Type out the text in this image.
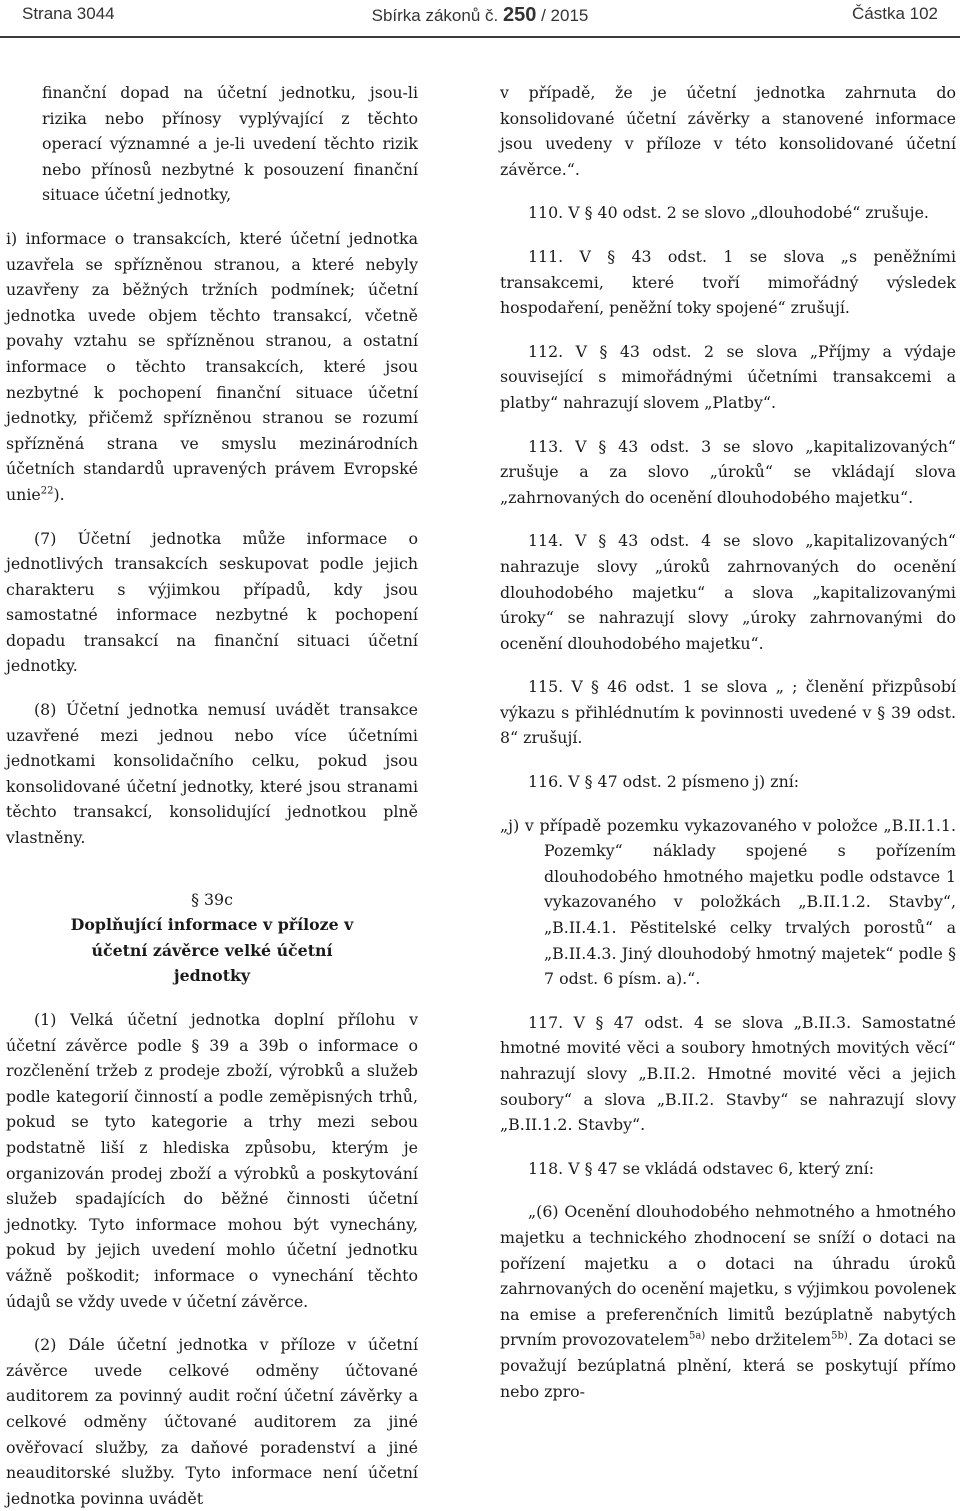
Strana 3044	Sbírka zákonů č. 250 / 2015	Částka 102

finanční dopad na účetní jednotku, jsou-li rizika nebo přínosy vyplývající z těchto operací významné a je-li uvedení těchto rizik nebo přínosů nezbytné k posouzení finanční situace účetní jednotky,

i) informace o transakcích, které účetní jednotka uzavřela se spřízněnou stranou, a které nebyly uzavřeny za běžných tržních podmínek; účetní jednotka uvede objem těchto transakcí, včetně povahy vztahu se spřízněnou stranou, a ostatní informace o těchto transakcích, které jsou nezbytné k pochopení finanční situace účetní jednotky, přičemž spřízněnou stranou se rozumí spřízněná strana ve smyslu mezinárodních účetních standardů upravených právem Evropské unie$^{22}$).

(7) Účetní jednotka může informace o jednotlivých transakcích seskupovat podle jejich charakteru s výjimkou případů, kdy jsou samostatné informace nezbytné k pochopení dopadu transakcí na finanční situaci účetní jednotky.

(8) Účetní jednotka nemusí uvádět transakce uzavřené mezi jednou nebo více účetními jednotkami konsolidačního celku, pokud jsou konsolidované účetní jednotky, které jsou stranami těchto transakcí, konsolidující jednotkou plně vlastněny.

§ 39c

Doplňující informace v příloze v účetní závěrce velké účetní jednotky

(1) Velká účetní jednotka doplní přílohu v účetní závěrce podle § 39 a 39b o informace o rozčlenění tržeb z prodeje zboží, výrobků a služeb podle kategorií činností a podle zeměpisných trhů, pokud se tyto kategorie a trhy mezi sebou podstatně liší z hlediska způsobu, kterým je organizován prodej zboží a výrobků a poskytování služeb spadajících do běžné činnosti účetní jednotky. Tyto informace mohou být vynechány, pokud by jejich uvedení mohlo účetní jednotku vážně poškodit; informace o vynechání těchto údajů se vždy uvede v účetní závěrce.

(2) Dále účetní jednotka v příloze v účetní závěrce uvede celkové odměny účtované auditorem za povinný audit roční účetní závěrky a celkové odměny účtované auditorem za jiné ověřovací služby, za daňové poradenství a jiné neauditorské služby. Tyto informace není účetní jednotka povinna uvádět

v případě, že je účetní jednotka zahrnuta do konsolidované účetní závěrky a stanovené informace jsou uvedeny v příloze v této konsolidované účetní závěrce.“.

110. V § 40 odst. 2 se slovo „dlouhodobé“ zrušuje.

111. V § 43 odst. 1 se slova „s peněžními transakcemi, které tvoří mimořádný výsledek hospodaření, peněžní toky spojené“ zrušují.

112. V § 43 odst. 2 se slova „Příjmy a výdaje související s mimořádnými účetními transakcemi a platby“ nahrazují slovem „Platby“.

113. V § 43 odst. 3 se slovo „kapitalizovaných“ zrušuje a za slovo „úroků“ se vkládají slova „zahrnovaných do ocenění dlouhodobého majetku“.

114. V § 43 odst. 4 se slovo „kapitalizovaných“ nahrazuje slovy „úroků zahrnovaných do ocenění dlouhodobého majetku“ a slova „kapitalizovanými úroky“ se nahrazují slovy „úroky zahrnovanými do ocenění dlouhodobého majetku“.

115. V § 46 odst. 1 se slova „ ; členění přizpůsobí výkazu s přihlédnutím k povinnosti uvedené v § 39 odst. 8“ zrušují.

116. V § 47 odst. 2 písmeno j) zní:

„j) v případě pozemku vykazovaného v položce „B.II.1.1. Pozemky“ náklady spojené s pořízením dlouhodobého hmotného majetku podle odstavce 1 vykazovaného v položkách „B.II.1.2. Stavby“, „B.II.4.1. Pěstitelské celky trvalých porostů“ a „B.II.4.3. Jiný dlouhodobý hmotný majetek“ podle § 7 odst. 6 písm. a).“.

117. V § 47 odst. 4 se slova „B.II.3. Samostatné hmotné movité věci a soubory hmotných movitých věcí“ nahrazují slovy „B.II.2. Hmotné movité věci a jejich soubory“ a slova „B.II.2. Stavby“ se nahrazují slovy „B.II.1.2. Stavby“.

118. V § 47 se vkládá odstavec 6, který zní:

„(6) Ocenění dlouhodobého nehmotného a hmotného majetku a technického zhodnocení se sníží o dotaci na pořízení majetku a o dotaci na úhradu úroků zahrnovaných do ocenění majetku, s výjimkou povolenek na emise a preferenčních limitů bezúplatně nabytých prvním provozovatelem$^{5a)}$ nebo držitelem$^{5b)}$. Za dotaci se považují bezúplatná plnění, která se poskytují přímo nebo zpro-
